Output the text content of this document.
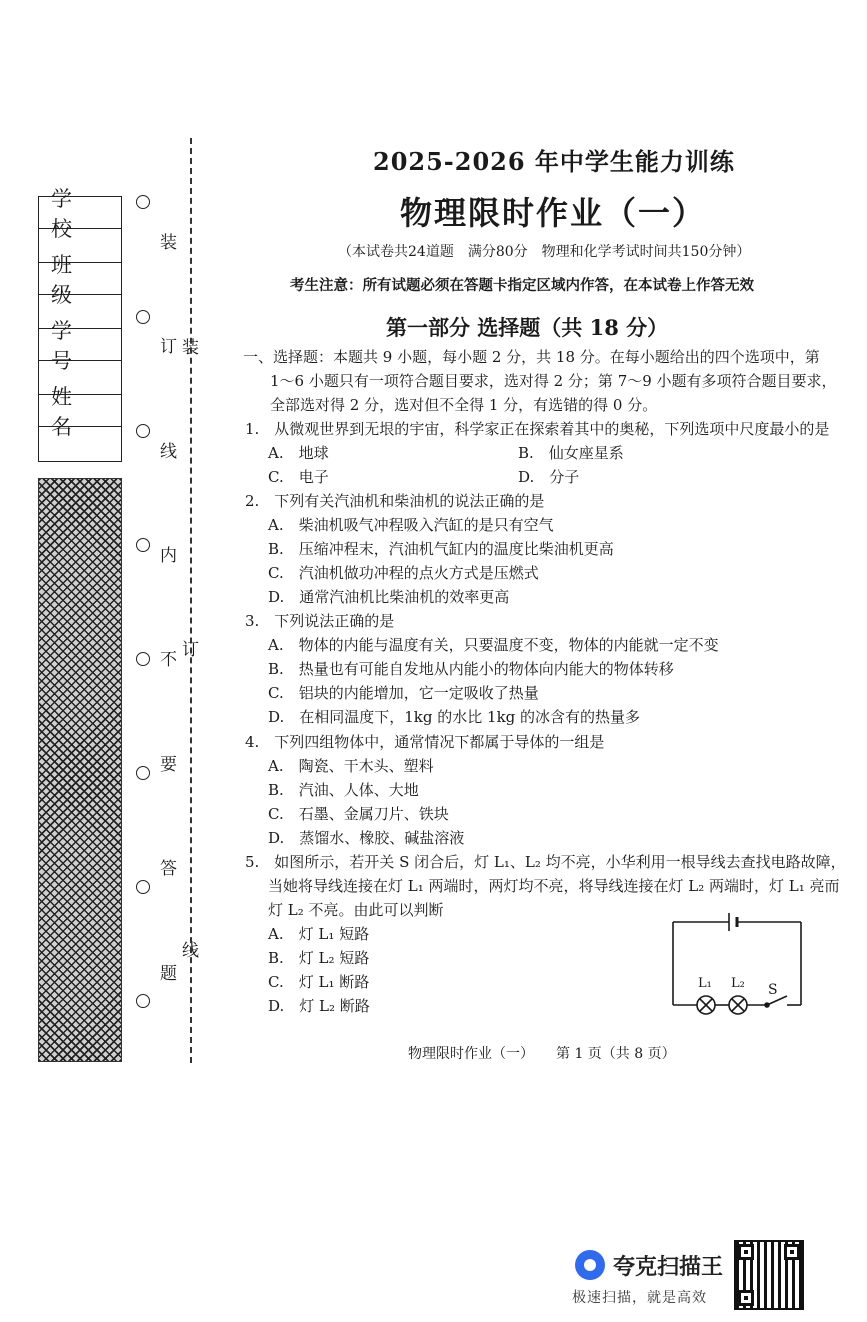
学 校
班 级
学 号
姓 名
装
订
线
内
不
要
答
题
装
订
线
2025-2026 年中学生能力训练
物理限时作业（一）
（本试卷共24道题　满分80分　物理和化学考试时间共150分钟）
考生注意：所有试题必须在答题卡指定区域内作答，在本试卷上作答无效
第一部分 选择题（共 18 分）
一、选择题：本题共 9 小题，每小题 2 分，共 18 分。在每小题给出的四个选项中，第
1～6 小题只有一项符合题目要求，选对得 2 分；第 7～9 小题有多项符合题目要求，
全部选对得 2 分，选对但不全得 1 分，有选错的得 0 分。
1.　从微观世界到无垠的宇宙，科学家正在探索着其中的奥秘，下列选项中尺度最小的是
A.　地球	B.　仙女座星系
C.　电子	D.　分子
2.　下列有关汽油机和柴油机的说法正确的是
A.　柴油机吸气冲程吸入汽缸的是只有空气
B.　压缩冲程末，汽油机气缸内的温度比柴油机更高
C.　汽油机做功冲程的点火方式是压燃式
D.　通常汽油机比柴油机的效率更高
3.　下列说法正确的是
A.　物体的内能与温度有关，只要温度不变，物体的内能就一定不变
B.　热量也有可能自发地从内能小的物体向内能大的物体转移
C.　铝块的内能增加，它一定吸收了热量
D.　在相同温度下，1kg 的水比 1kg 的冰含有的热量多
4.　下列四组物体中，通常情况下都属于导体的一组是
A.　陶瓷、干木头、塑料
B.　汽油、人体、大地
C.　石墨、金属刀片、铁块
D.　蒸馏水、橡胶、碱盐溶液
5.　如图所示，若开关 S 闭合后，灯 L₁、L₂ 均不亮，小华利用一根导线去查找电路故障，
当她将导线连接在灯 L₁ 两端时，两灯均不亮，将导线连接在灯 L₂ 两端时，灯 L₁ 亮而
灯 L₂ 不亮。由此可以判断
A.　灯 L₁ 短路
B.　灯 L₂ 短路
C.　灯 L₁ 断路
D.　灯 L₂ 断路
L₁ L₂ S
物理限时作业（一） 第 1 页（共 8 页）
夸克扫描王
极速扫描，就是高效
